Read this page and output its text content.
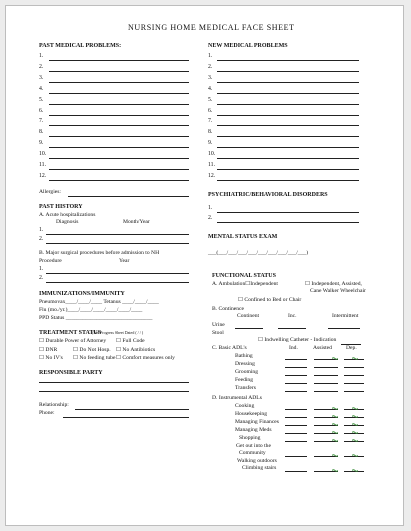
NURSING HOME MEDICAL FACE SHEET
PAST MEDICAL PROBLEMS:
1.
2.
3.
4.
5.
6.
7.
8.
9.
10.
11.
12.
Allergies:
PAST HISTORY
A. Acute hospitalizations
Diagnosis	Month/Year
1.
2.
B. Major surgical procedures before admission to NH
Procedure	Year
1.
2.
IMMUNIZATIONS/IMMUNITY
Pneumovax____/____/____ Tetanus ____/____/____
Flu (mo./yr.)____/____/____/____/____/____
PPD Status _______________________________
TREATMENT STATUS
(See Progress Sheet Dated ( / / )
☐ Durable Power of Attorney ☐ Full Code
☐ DNR	☐ Do Not Hosp. ☐ No Antibiotics
☐ No IV's ☐ No feeding tube ☐ Comfort measures only
RESPONSIBLE PARTY
Relationship:
Phone:
NEW MEDICAL PROBLEMS
1.
2.
3.
4.
5.
6.
7.
8.
9.
10.
11.
12.
PSYCHIATRIC/BEHAVIORAL DISORDERS
1.
2.
MENTAL STATUS EXAM
___(___/___/___/___/___/___/___/___/___)
FUNCTIONAL STATUS
A. Ambulation☐Independent	☐ Independent, Assisted,
Cane Walker Wheelchair
☐ Confined to Bed or Chair
B. Continence
Continent	Inc.	Intermittent
Urine
Stool
☐ Indwelling Catheter - Indication
C. Basic ADL's	Ind.	Assisted	Dep.
Bathing
Dressing
Grooming
Feeding
Transfers
D. Instrumental ADLs
Cooking
Housekeeping
Managing Finances
Managing Meds
Shopping
Get out into the
Community
Walking outdoors
Climbing stairs
